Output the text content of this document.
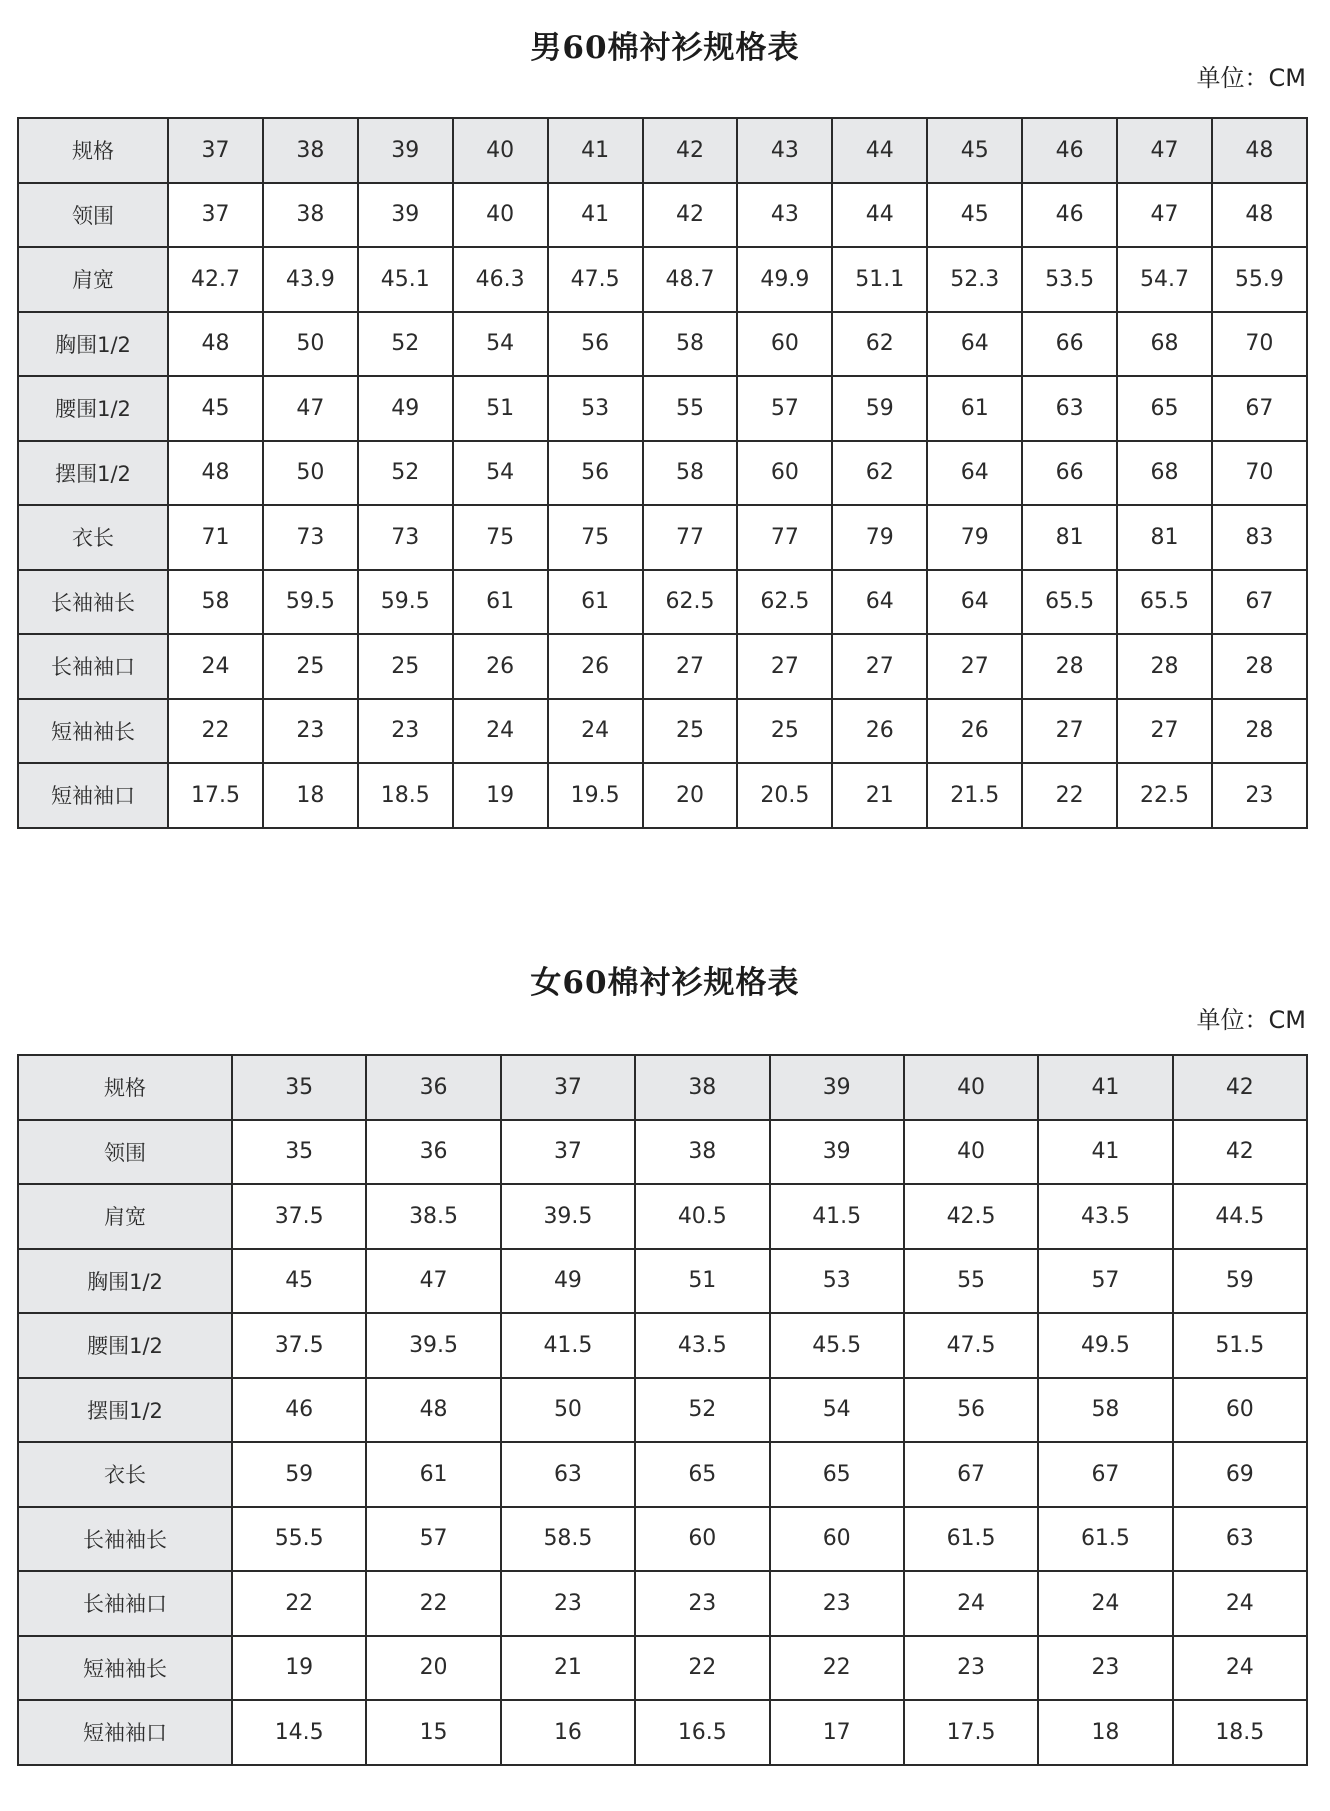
男60棉衬衫规格表
单位：CM
规格	37	38	39	40	41	42	43	44	45	46	47	48
领围	37	38	39	40	41	42	43	44	45	46	47	48
肩宽	42.7	43.9	45.1	46.3	47.5	48.7	49.9	51.1	52.3	53.5	54.7	55.9
胸围1/2	48	50	52	54	56	58	60	62	64	66	68	70
腰围1/2	45	47	49	51	53	55	57	59	61	63	65	67
摆围1/2	48	50	52	54	56	58	60	62	64	66	68	70
衣长	71	73	73	75	75	77	77	79	79	81	81	83
长袖袖长	58	59.5	59.5	61	61	62.5	62.5	64	64	65.5	65.5	67
长袖袖口	24	25	25	26	26	27	27	27	27	28	28	28
短袖袖长	22	23	23	24	24	25	25	26	26	27	27	28
短袖袖口	17.5	18	18.5	19	19.5	20	20.5	21	21.5	22	22.5	23
女60棉衬衫规格表
单位：CM
规格	35	36	37	38	39	40	41	42
领围	35	36	37	38	39	40	41	42
肩宽	37.5	38.5	39.5	40.5	41.5	42.5	43.5	44.5
胸围1/2	45	47	49	51	53	55	57	59
腰围1/2	37.5	39.5	41.5	43.5	45.5	47.5	49.5	51.5
摆围1/2	46	48	50	52	54	56	58	60
衣长	59	61	63	65	65	67	67	69
长袖袖长	55.5	57	58.5	60	60	61.5	61.5	63
长袖袖口	22	22	23	23	23	24	24	24
短袖袖长	19	20	21	22	22	23	23	24
短袖袖口	14.5	15	16	16.5	17	17.5	18	18.5
